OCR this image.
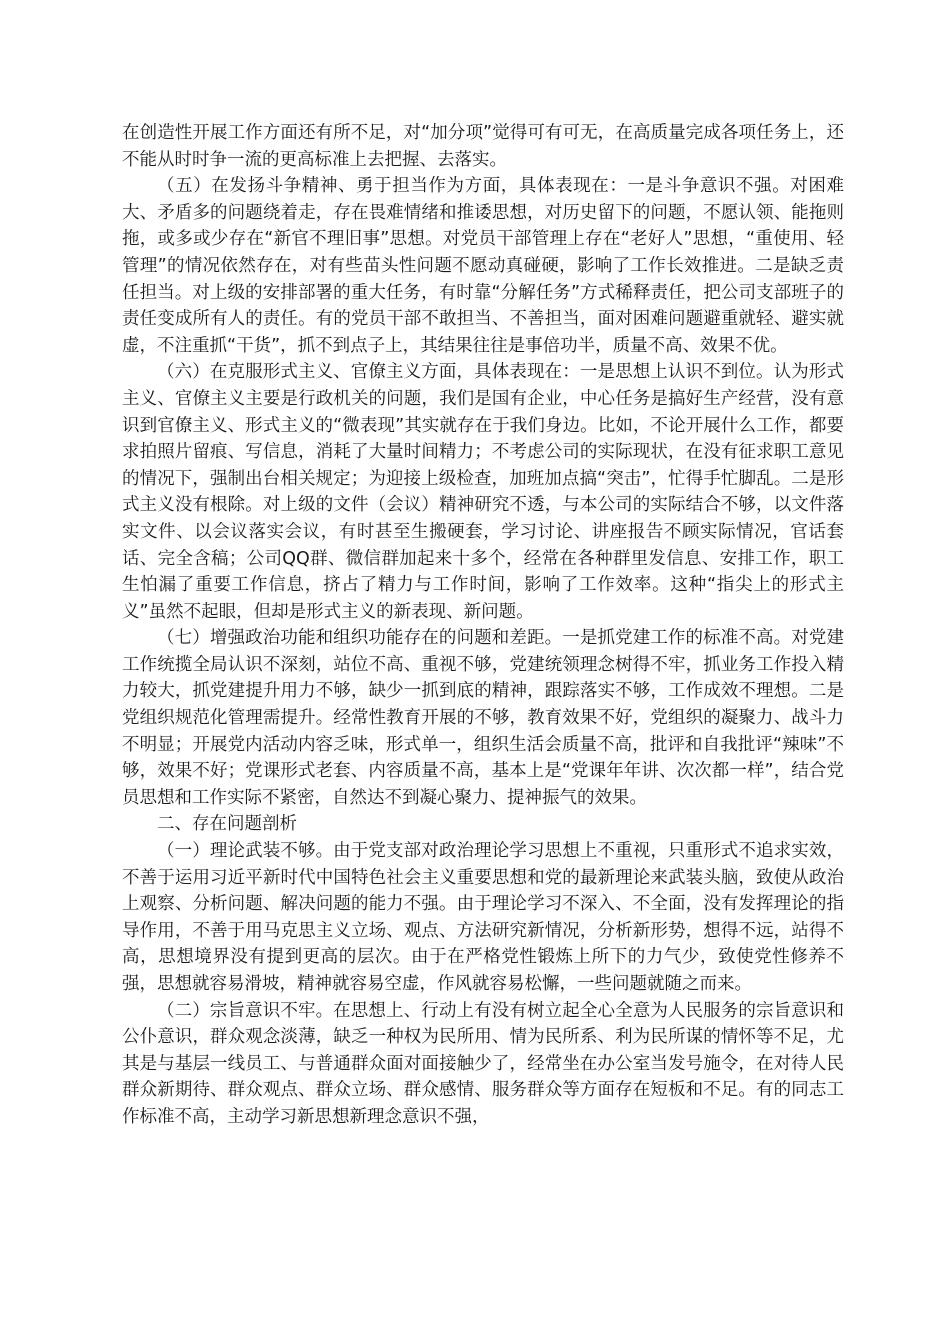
在创造性开展工作方面还有所不足，对“加分项”觉得可有可无，在高质量完成各项任务上，还不能从时时争一流的更高标准上去把握、去落实。

（五）在发扬斗争精神、勇于担当作为方面，具体表现在：一是斗争意识不强。对困难大、矛盾多的问题绕着走，存在畏难情绪和推诿思想，对历史留下的问题，不愿认领、能拖则拖，或多或少存在“新官不理旧事”思想。对党员干部管理上存在“老好人”思想，“重使用、轻管理”的情况依然存在，对有些苗头性问题不愿动真碰硬，影响了工作长效推进。二是缺乏责任担当。对上级的安排部署的重大任务，有时靠“分解任务”方式稀释责任，把公司支部班子的责任变成所有人的责任。有的党员干部不敢担当、不善担当，面对困难问题避重就轻、避实就虚，不注重抓“干货”，抓不到点子上，其结果往往是事倍功半，质量不高、效果不优。

（六）在克服形式主义、官僚主义方面，具体表现在：一是思想上认识不到位。认为形式主义、官僚主义主要是行政机关的问题，我们是国有企业，中心任务是搞好生产经营，没有意识到官僚主义、形式主义的“微表现”其实就存在于我们身边。比如，不论开展什么工作，都要求拍照片留痕、写信息，消耗了大量时间精力；不考虑公司的实际现状，在没有征求职工意见的情况下，强制出台相关规定；为迎接上级检查，加班加点搞“突击”，忙得手忙脚乱。二是形式主义没有根除。对上级的文件（会议）精神研究不透，与本公司的实际结合不够，以文件落实文件、以会议落实会议，有时甚至生搬硬套，学习讨论、讲座报告不顾实际情况，官话套话、完全含稿；公司QQ群、微信群加起来十多个，经常在各种群里发信息、安排工作，职工生怕漏了重要工作信息，挤占了精力与工作时间，影响了工作效率。这种“指尖上的形式主义”虽然不起眼，但却是形式主义的新表现、新问题。

（七）增强政治功能和组织功能存在的问题和差距。一是抓党建工作的标准不高。对党建工作统揽全局认识不深刻，站位不高、重视不够，党建统领理念树得不牢，抓业务工作投入精力较大，抓党建提升用力不够，缺少一抓到底的精神，跟踪落实不够，工作成效不理想。二是党组织规范化管理需提升。经常性教育开展的不够，教育效果不好，党组织的凝聚力、战斗力不明显；开展党内活动内容乏味，形式单一，组织生活会质量不高，批评和自我批评“辣味”不够，效果不好；党课形式老套、内容质量不高，基本上是“党课年年讲、次次都一样”，结合党员思想和工作实际不紧密，自然达不到凝心聚力、提神振气的效果。

二、存在问题剖析

（一）理论武装不够。由于党支部对政治理论学习思想上不重视，只重形式不追求实效，不善于运用习近平新时代中国特色社会主义重要思想和党的最新理论来武装头脑，致使从政治上观察、分析问题、解决问题的能力不强。由于理论学习不深入、不全面，没有发挥理论的指导作用，不善于用马克思主义立场、观点、方法研究新情况，分析新形势，想得不远，站得不高，思想境界没有提到更高的层次。由于在严格党性锻炼上所下的力气少，致使党性修养不强，思想就容易滑坡，精神就容易空虚，作风就容易松懈，一些问题就随之而来。

（二）宗旨意识不牢。在思想上、行动上有没有树立起全心全意为人民服务的宗旨意识和公仆意识，群众观念淡薄，缺乏一种权为民所用、情为民所系、利为民所谋的情怀等不足，尤其是与基层一线员工、与普通群众面对面接触少了，经常坐在办公室当发号施令，在对待人民群众新期待、群众观点、群众立场、群众感情、服务群众等方面存在短板和不足。有的同志工作标准不高，主动学习新思想新理念意识不强，
